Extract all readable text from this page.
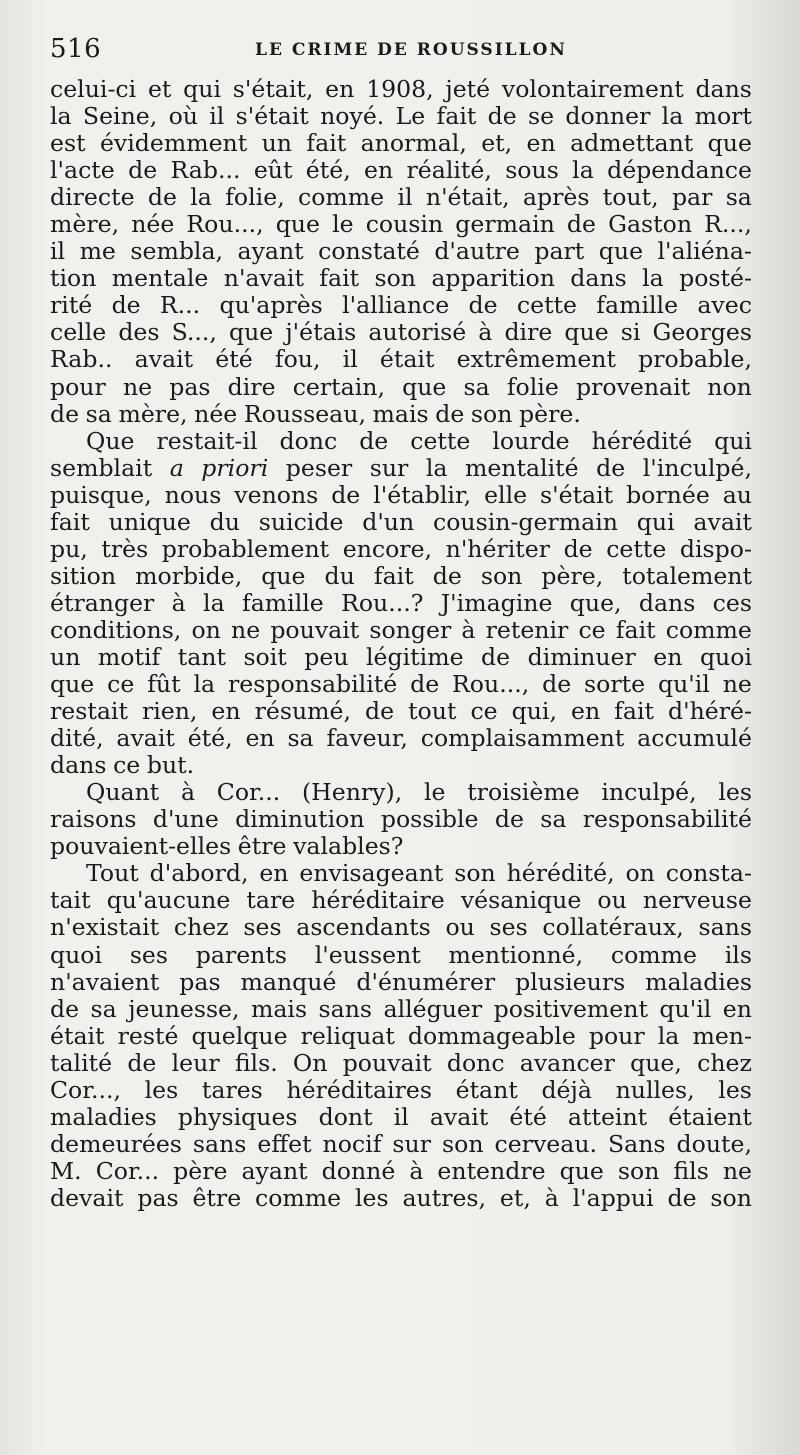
516	LE CRIME DE ROUSSILLON
celui-ci et qui s'était, en 1908, jeté volontairement dans
la Seine, où il s'était noyé. Le fait de se donner la mort
est évidemment un fait anormal, et, en admettant que
l'acte de Rab... eût été, en réalité, sous la dépendance
directe de la folie, comme il n'était, après tout, par sa
mère, née Rou..., que le cousin germain de Gaston R...,
il me sembla, ayant constaté d'autre part que l'aliéna-
tion mentale n'avait fait son apparition dans la posté-
rité de R... qu'après l'alliance de cette famille avec
celle des S..., que j'étais autorisé à dire que si Georges
Rab.. avait été fou, il était extrêmement probable,
pour ne pas dire certain, que sa folie provenait non
de sa mère, née Rousseau, mais de son père.
Que restait-il donc de cette lourde hérédité qui
semblait a priori peser sur la mentalité de l'inculpé,
puisque, nous venons de l'établir, elle s'était bornée au
fait unique du suicide d'un cousin-germain qui avait
pu, très probablement encore, n'hériter de cette dispo-
sition morbide, que du fait de son père, totalement
étranger à la famille Rou...? J'imagine que, dans ces
conditions, on ne pouvait songer à retenir ce fait comme
un motif tant soit peu légitime de diminuer en quoi
que ce fût la responsabilité de Rou..., de sorte qu'il ne
restait rien, en résumé, de tout ce qui, en fait d'héré-
dité, avait été, en sa faveur, complaisamment accumulé
dans ce but.
Quant à Cor... (Henry), le troisième inculpé, les
raisons d'une diminution possible de sa responsabilité
pouvaient-elles être valables?
Tout d'abord, en envisageant son hérédité, on consta-
tait qu'aucune tare héréditaire vésanique ou nerveuse
n'existait chez ses ascendants ou ses collatéraux, sans
quoi ses parents l'eussent mentionné, comme ils
n'avaient pas manqué d'énumérer plusieurs maladies
de sa jeunesse, mais sans alléguer positivement qu'il en
était resté quelque reliquat dommageable pour la men-
talité de leur fils. On pouvait donc avancer que, chez
Cor..., les tares héréditaires étant déjà nulles, les
maladies physiques dont il avait été atteint étaient
demeurées sans effet nocif sur son cerveau. Sans doute,
M. Cor... père ayant donné à entendre que son fils ne
devait pas être comme les autres, et, à l'appui de son
